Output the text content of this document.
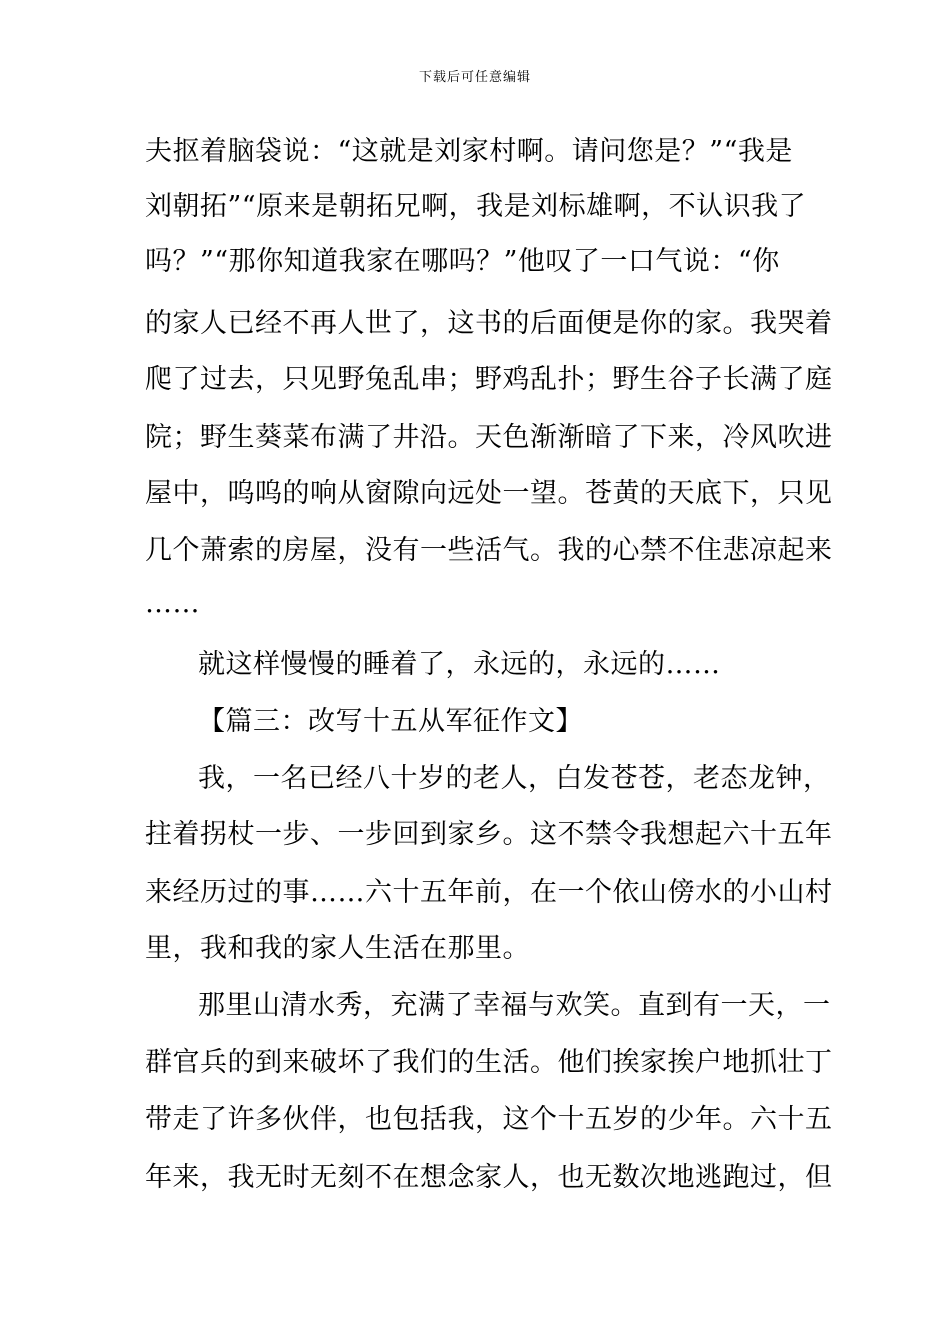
下载后可任意编辑
夫抠着脑袋说：“这就是刘家村啊。请问您是？”“我是
刘朝拓”“原来是朝拓兄啊，我是刘标雄啊，不认识我了
吗？”“那你知道我家在哪吗？”他叹了一口气说：“你
的家人已经不再人世了，这书的后面便是你的家。我哭着
爬了过去，只见野兔乱串；野鸡乱扑；野生谷子长满了庭
院；野生葵菜布满了井沿。天色渐渐暗了下来，冷风吹进
屋中，呜呜的响从窗隙向远处一望。苍黄的天底下，只见
几个萧索的房屋，没有一些活气。我的心禁不住悲凉起来
……
就这样慢慢的睡着了，永远的，永远的……
【篇三：改写十五从军征作文】
我，一名已经八十岁的老人，白发苍苍，老态龙钟，
拄着拐杖一步、一步回到家乡。这不禁令我想起六十五年
来经历过的事……六十五年前，在一个依山傍水的小山村
里，我和我的家人生活在那里。
那里山清水秀，充满了幸福与欢笑。直到有一天，一
群官兵的到来破坏了我们的生活。他们挨家挨户地抓壮丁
带走了许多伙伴，也包括我，这个十五岁的少年。六十五
年来，我无时无刻不在想念家人，也无数次地逃跑过，但
